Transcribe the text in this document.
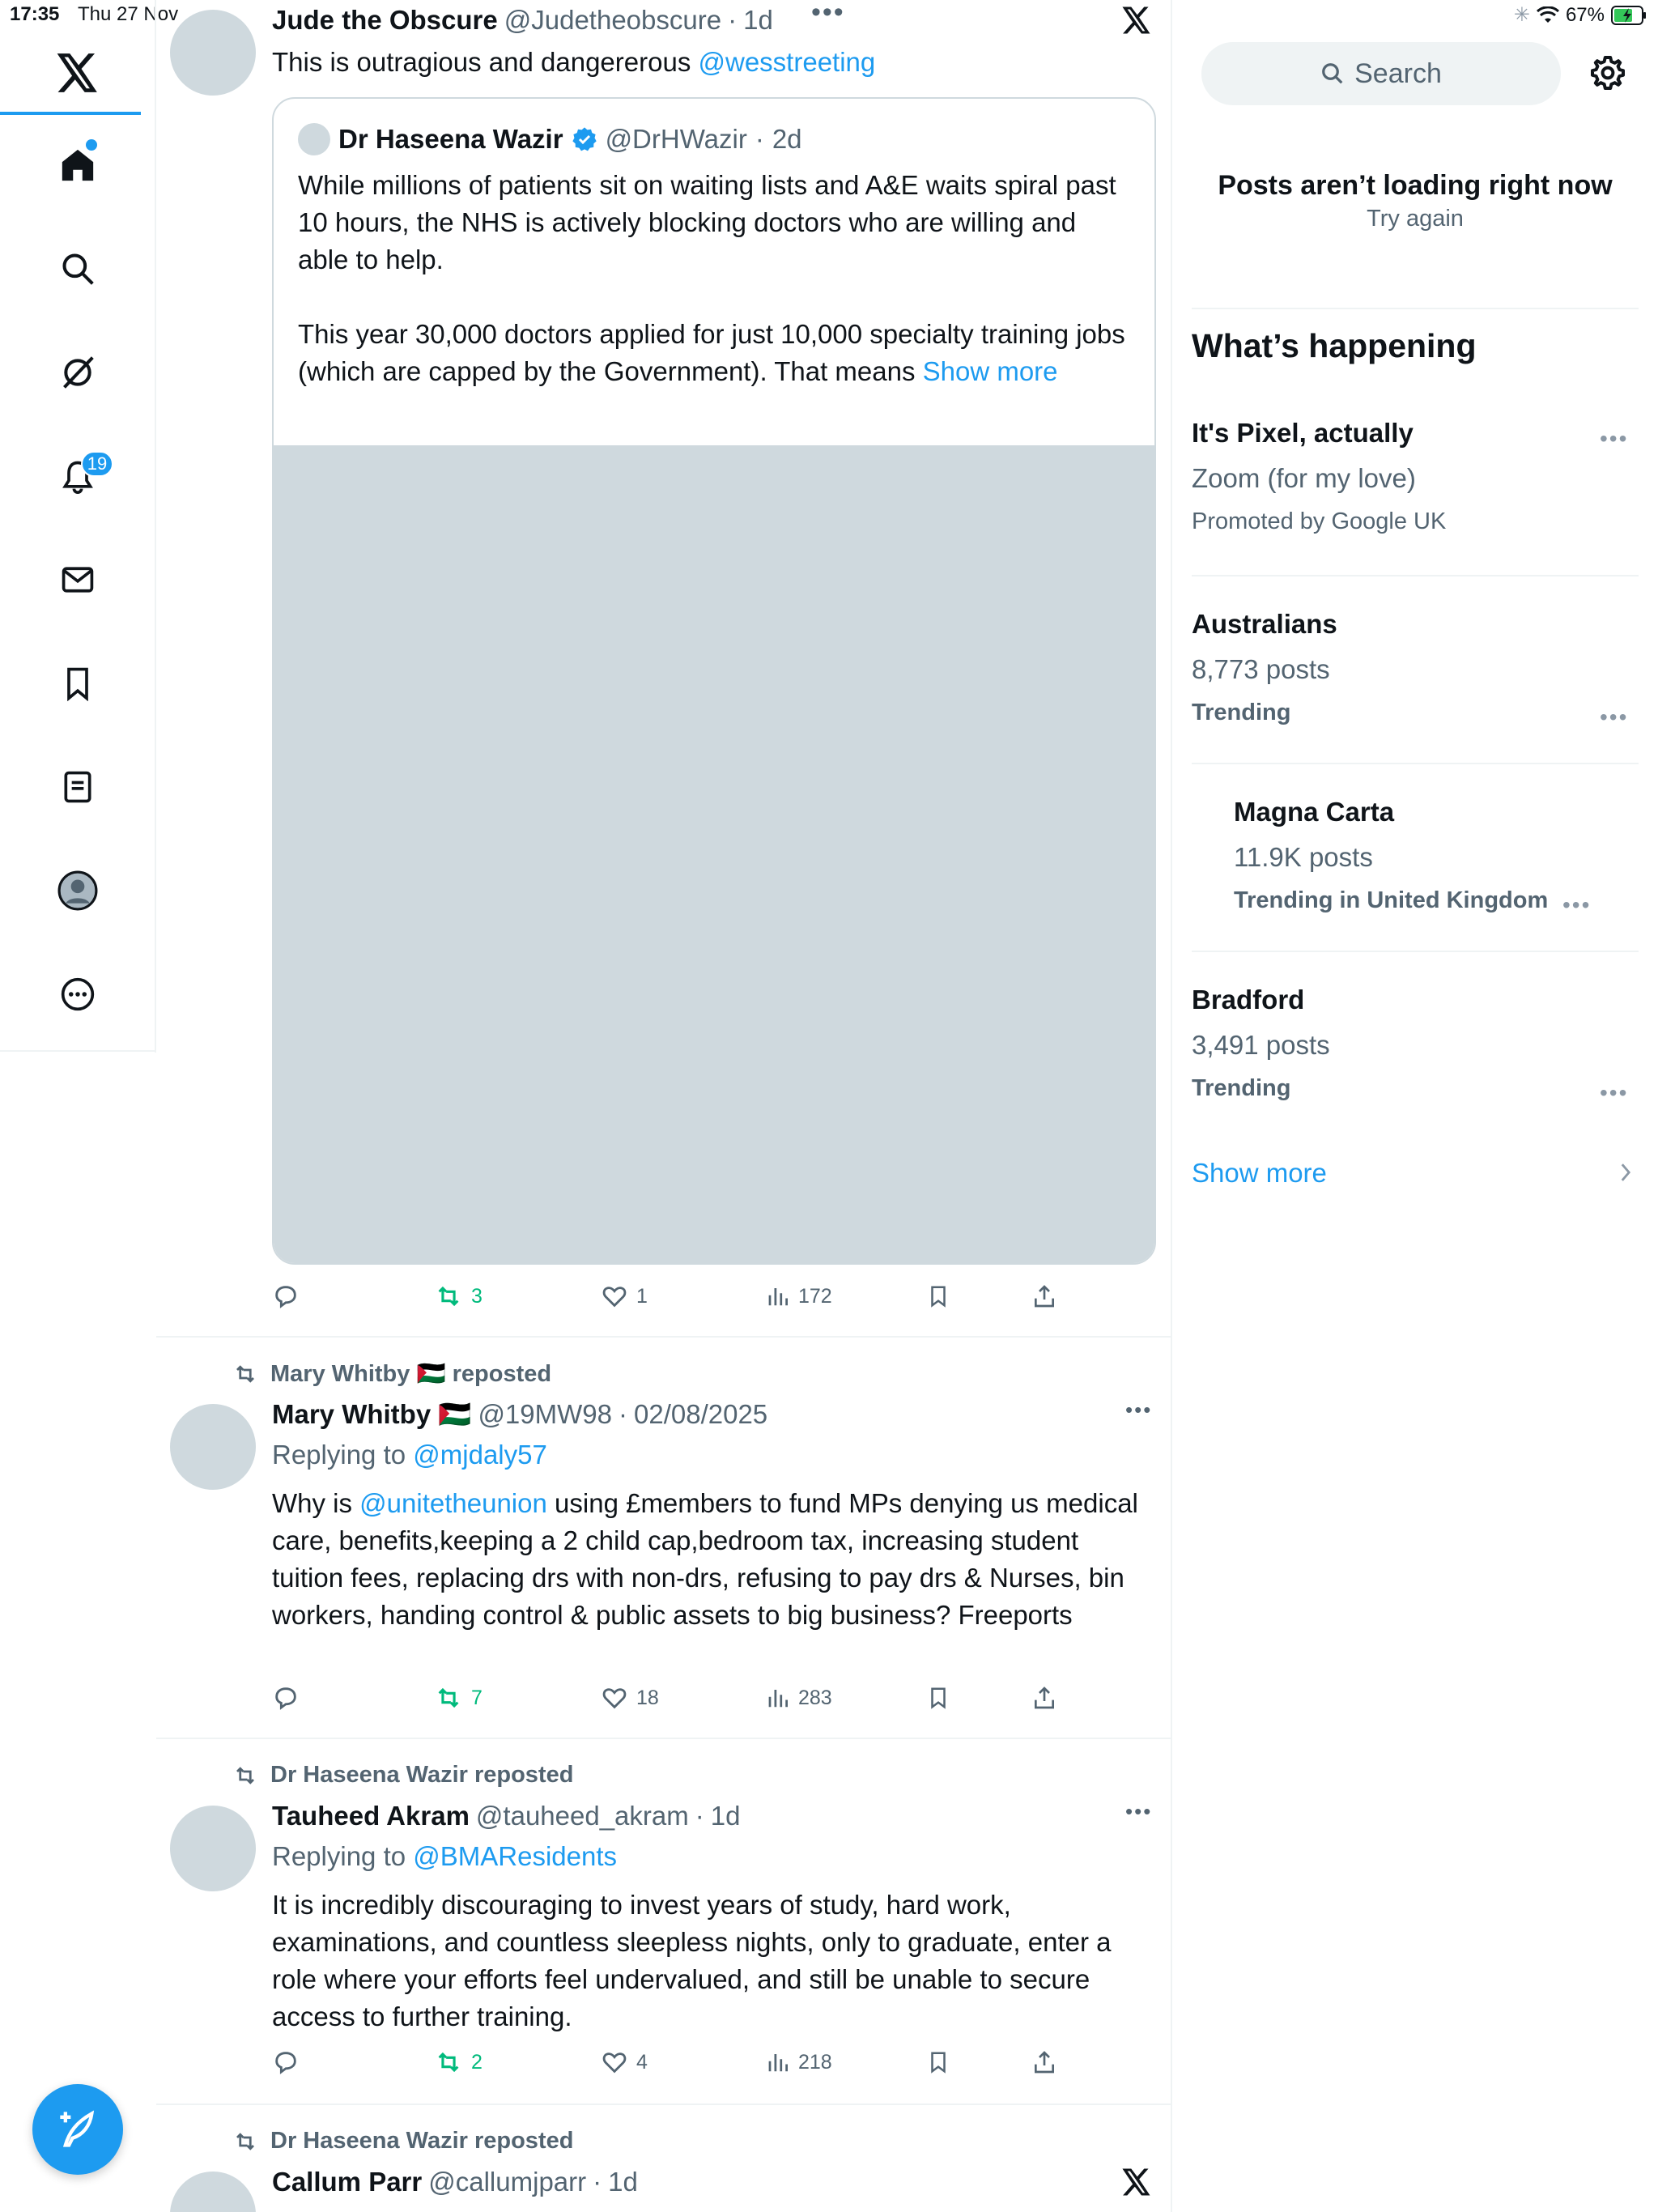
17:35 Thu 27 Nov	✳ 67%
19
Jude the Obscure @Judetheobscure · 1d •••
This is outragious and dangererous @wesstreeting
Dr Haseena Wazir @DrHWazir · 2d
While millions of patients sit on waiting lists and A&E waits spiral past 10 hours, the NHS is actively blocking doctors who are willing and able to help.
This year 30,000 doctors applied for just 10,000 specialty training jobs (which are capped by the Government). That means Show more
3	1	172
Mary Whitby 🇵🇸 reposted
Mary Whitby 🇵🇸 @19MW98 · 02/08/2025	•••
Replying to @mjdaly57
Why is @unitetheunion using £members to fund MPs denying us medical care, benefits,keeping a 2 child cap,bedroom tax, increasing student tuition fees, replacing drs with non-drs, refusing to pay drs & Nurses, bin workers, handing control & public assets to big business? Freeports
7	18	283
Dr Haseena Wazir reposted
Tauheed Akram @tauheed_akram · 1d	•••
Replying to @BMAResidents
It is incredibly discouraging to invest years of study, hard work, examinations, and countless sleepless nights, only to graduate, enter a role where your efforts feel undervalued, and still be unable to secure access to further training.
2	4	218
Dr Haseena Wazir reposted
Callum Parr @callumjparr · 1d
Search
Posts aren’t loading right now
Try again
What’s happening
It's Pixel, actually
Zoom (for my love)
Promoted by Google UK
•••
Australians
8,773 posts
Trending	•••
Magna Carta
11.9K posts
Trending in United Kingdom •••
Bradford
3,491 posts
Trending	•••
Show more
